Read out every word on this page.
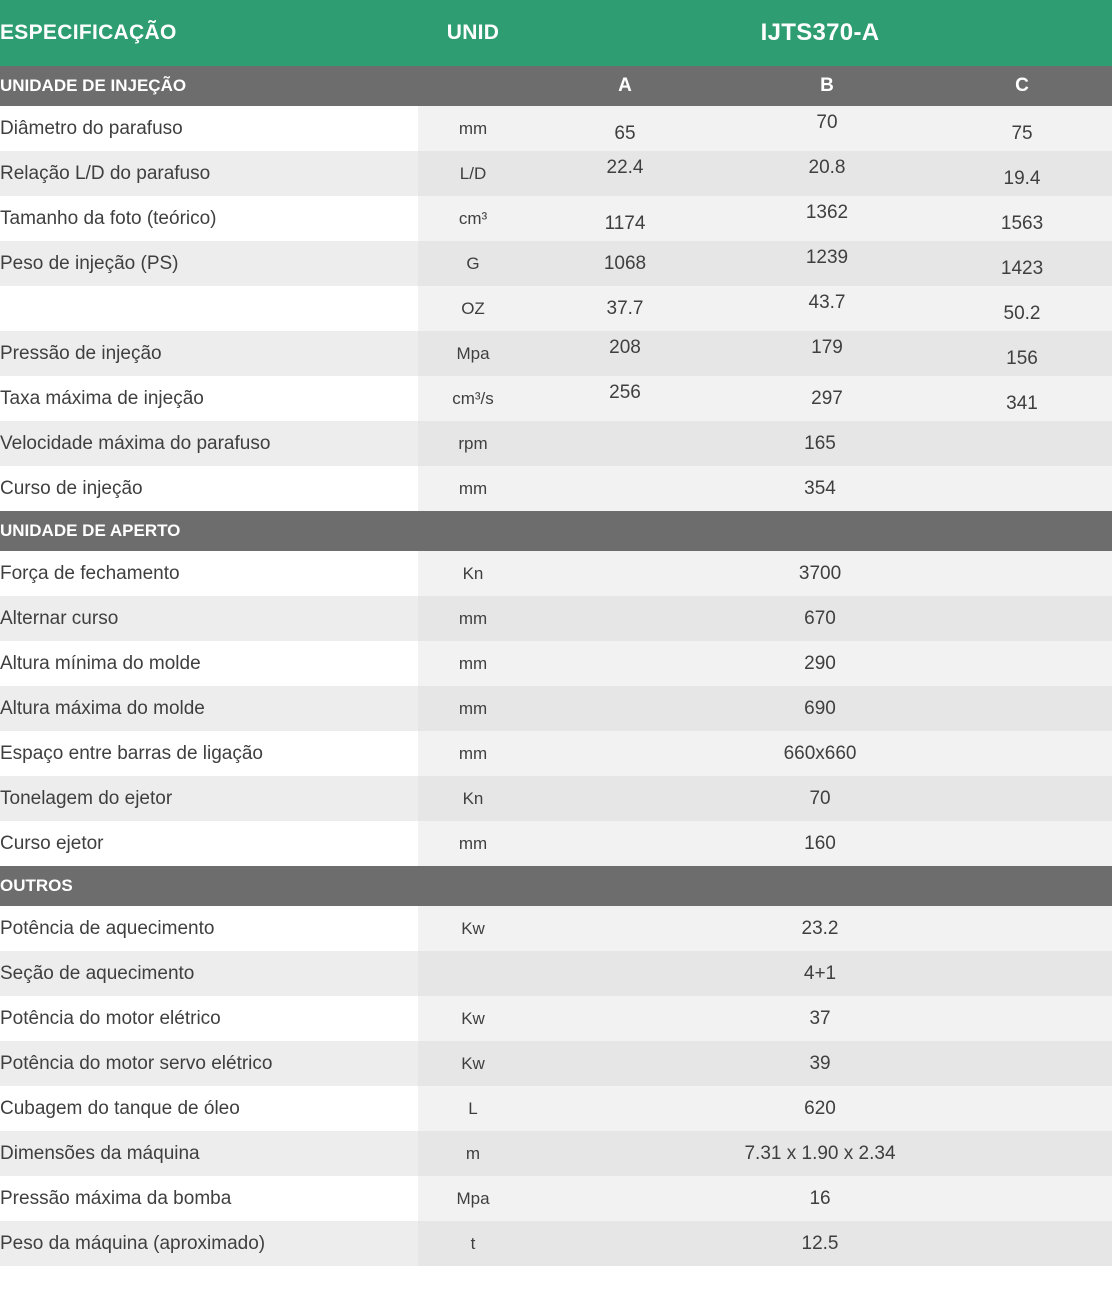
ESPECIFICAÇÃO	UNID	IJTS370-A		
UNIDADE DE INJEÇÃO		A	B	C
Diâmetro do parafuso	mm	65	70	75
Relação L/D do parafuso	L/D	22.4	20.8	19.4
Tamanho da foto (teórico)	cm³	1174	1362	1563
Peso de injeção (PS)	G	1068	1239	1423
	OZ	37.7	43.7	50.2
Pressão de injeção	Mpa	208	179	156
Taxa máxima de injeção	cm³/s	256	297	341
Velocidade máxima do parafuso	rpm	165		
Curso de injeção	mm	354		
UNIDADE DE APERTO				
Força de fechamento	Kn	3700		
Alternar curso	mm	670		
Altura mínima do molde	mm	290		
Altura máxima do molde	mm	690		
Espaço entre barras de ligação	mm	660x660		
Tonelagem do ejetor	Kn	70		
Curso ejetor	mm	160		
OUTROS				
Potência de aquecimento	Kw	23.2		
Seção de aquecimento		4+1		
Potência do motor elétrico	Kw	37		
Potência do motor servo elétrico	Kw	39		
Cubagem do tanque de óleo	L	620		
Dimensões da máquina	m	7.31 x 1.90 x 2.34		
Pressão máxima da bomba	Mpa	16		
Peso da máquina (aproximado)	t	12.5		
